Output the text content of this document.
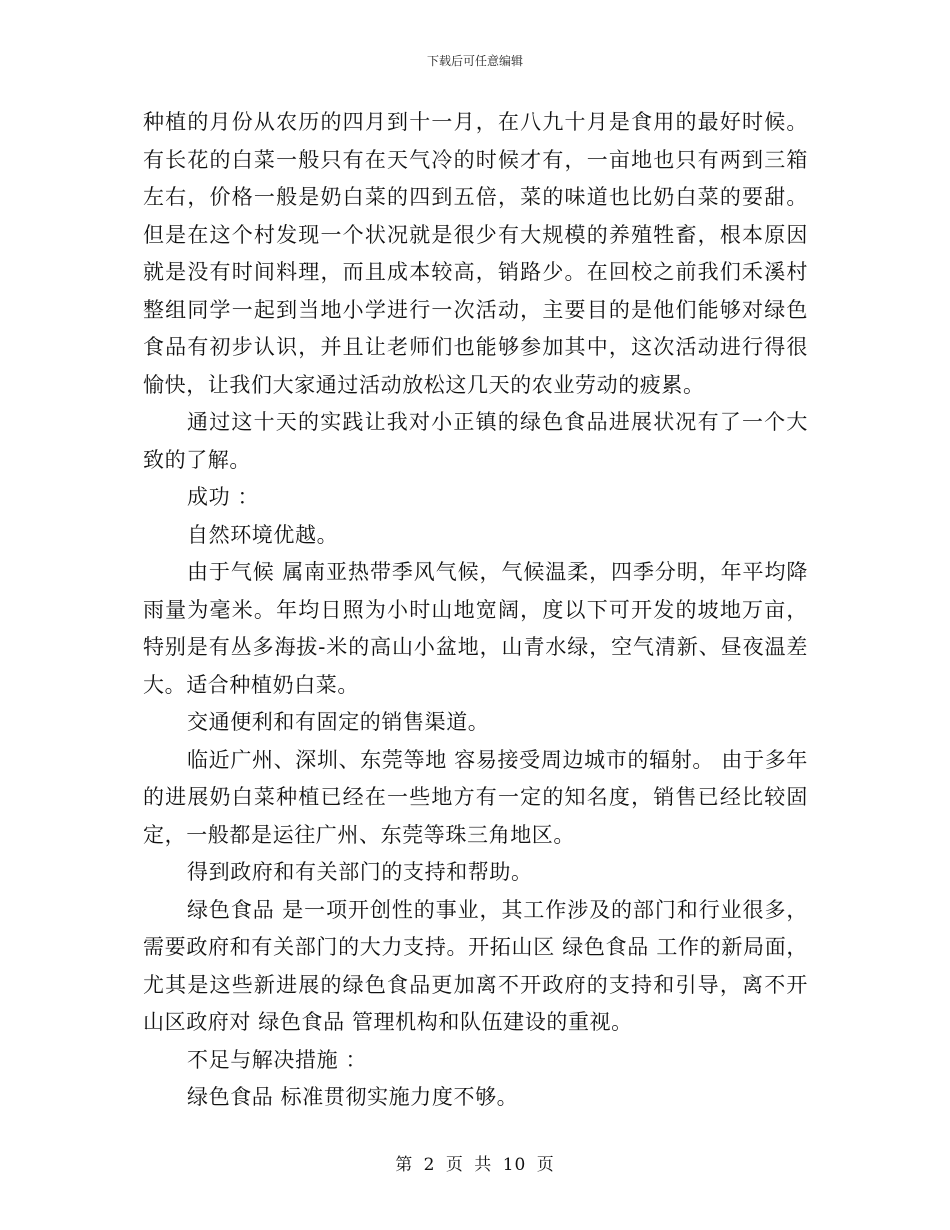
下载后可任意编辑

种植的月份从农历的四月到十一月，在八九十月是食用的最好时候。有长花的白菜一般只有在天气冷的时候才有，一亩地也只有两到三箱左右，价格一般是奶白菜的四到五倍，菜的味道也比奶白菜的要甜。但是在这个村发现一个状况就是很少有大规模的养殖牲畜，根本原因就是没有时间料理，而且成本较高，销路少。在回校之前我们禾溪村整组同学一起到当地小学进行一次活动，主要目的是他们能够对绿色食品有初步认识，并且让老师们也能够参加其中，这次活动进行得很愉快，让我们大家通过活动放松这几天的农业劳动的疲累。

通过这十天的实践让我对小正镇的绿色食品进展状况有了一个大致的了解。

成功 ：

自然环境优越。

由于气候 属南亚热带季风气候，气候温柔，四季分明，年平均降雨量为毫米。年均日照为小时山地宽阔，度以下可开发的坡地万亩，特别是有丛多海拔-米的高山小盆地，山青水绿，空气清新、昼夜温差大。适合种植奶白菜。

交通便利和有固定的销售渠道。

临近广州、深圳、东莞等地 容易接受周边城市的辐射。 由于多年的进展奶白菜种植已经在一些地方有一定的知名度，销售已经比较固定，一般都是运往广州、东莞等珠三角地区。

得到政府和有关部门的支持和帮助。

绿色食品 是一项开创性的事业，其工作涉及的部门和行业很多，需要政府和有关部门的大力支持。开拓山区 绿色食品 工作的新局面，尤其是这些新进展的绿色食品更加离不开政府的支持和引导，离不开山区政府对 绿色食品 管理机构和队伍建设的重视。

不足与解决措施 ：

绿色食品 标准贯彻实施力度不够。

第 2 页 共 10 页
